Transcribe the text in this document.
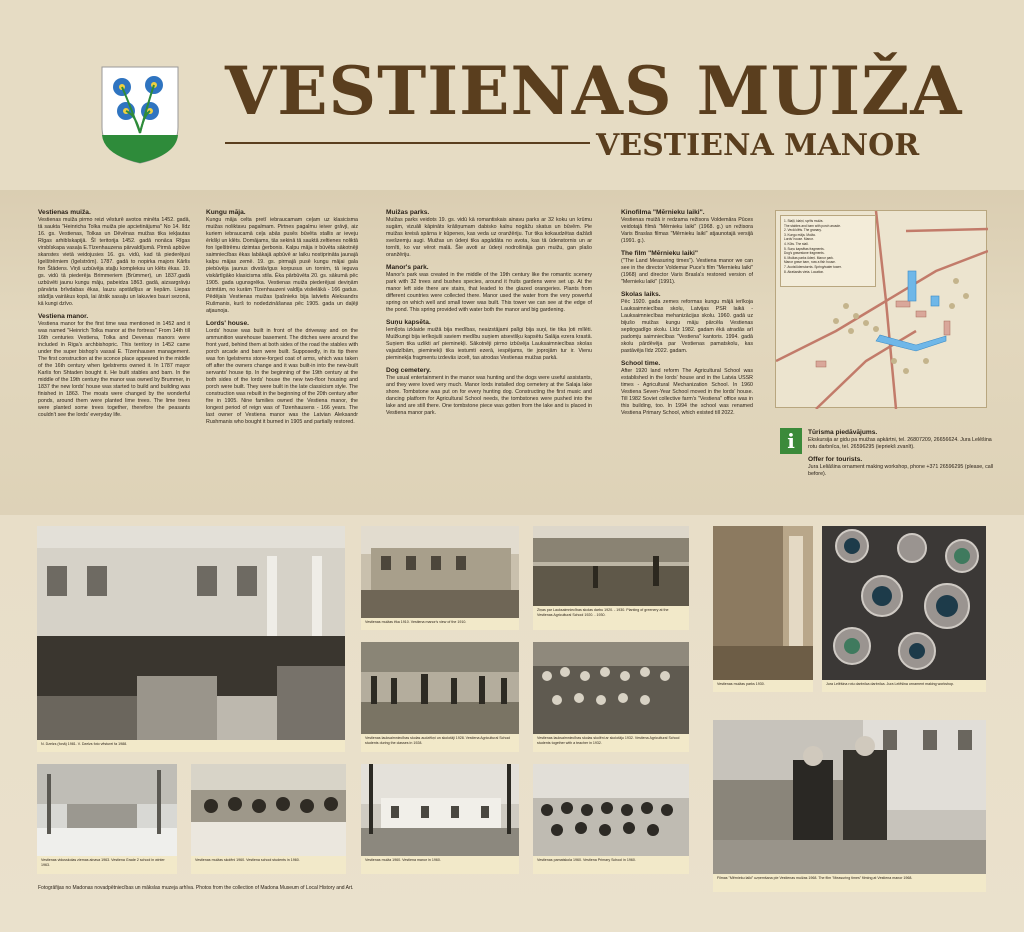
VESTIENAS MUIŽA
VESTIENA MANOR
Vestienas muiža.

Vestienas muiža pirmo reizi vēsturē avotos minēta 1452. gadā, tā saukta "Heinricha Tolka muiža pie apcietinājuma" No 14. līdz 16. gs. Vestienas, Tolkas un Dēvēnas muižas tika iekļautas Rīgas arhibīskapijā. Šī teritorija 1452. gadā nonāca Rīgas virsbīskapa vasaļa E.Tīzenhauzena pārvaldījumā. Pirmā apbūve skanstes vietā veidojusies 16. gs. vidū, kad tā piederējusi Igelštrēmiem (Igelström). 1787. gadā to nopirka majors Kārlis fon Štādens. Viņš uzbūvēja staļļu kompleksu un klēts ēkas. 19. gs. vidū tā piederēja Brimmeriem (Brümmer), un 1837.gadā uzbūvēti jaunu kungu māju, pabeidza 1863. gadā, aizsargrāvju pārvārta brīvdabas ēkas, lauzu apstādījus ar liepām. Liepas stādīja vairākus kopā, lai ātrāk sasaiju un lakuvies bauri sezonā, kā kungi dzīvo.

Vestiena manor.

Vestiena manor for the first time was mentioned in 1452 and it was named "Heinrich Tolka manor at the fortress" From 14th till 16th centuries Vestiena, Tolka and Devenas manors were included in Riga's archbishopric. This territory in 1452 came under the super bishop's vassal E. Tīzenhausen management. The first construction at the sconce place appeared in the middle of the 16th century when Igelstrems owned it. In 1787 mayor Karlis fon Shtaden bought it. He built stables and barn. In the middle of the 19th century the manor was owned by Brummer, in 1837 the new lords' house was started to build and building was finished in 1863. The moats were changed by the wonderful ponds, around them were planted lime trees. The lime trees were planted some trees together, therefore the peasants couldn't see the lords' everyday life.

Kungu māja.

Kungu māja celta pretī iebraucamam ceļam uz klasicisma muižas noliktavu pagalmam. Pirtnes pagalmu ieiver grāvji, aiz kuriem iebraucamā ceļa abās pusēs būvēta stallis ar ieveju ērkšķi un klēts. Domājams, tās sekinā tā sauktā zeltienes noliktā fon Igelštrēmu dzimtas ģerbonis. Kalpu māja ir būvēta sākotnēji saimniecības ēkas labākajā apbūvē ar laiku nostiprināta jaunajā kalpu mājas zemē. 19. gs. pirmajā pusē kungu mājai gala piebūvēja jaunus divstāvīgus korpusus un tornim, tā ieguva viskārtīgāko klasicisma stila. Ēka pārbūvēta 20. gs. sākumā pēc 1905. gada ugunsgrēka. Vestienas muiža piederējusi deviņām dzimtām, no kurām Tīzenhauzeni valdīja vislielākā - 166 gadus. Pēdējais Vestienas muižas īpašnieks bija latvietis Aleksandrs Rušmanis, kurš to nodedzināšanas pēc 1905. gada un daļēji atjaunoja.

Lords' house.

Lords' house was built in front of the driveway and on the ammunition warehouse basement. The ditches were around the front yard, behind them at both sides of the road the stables with porch arcade and barn were built. Supposedly, in its tip there was fon Igelstrems stone-forged coat of arms, which was taken off after the owners change and it was built-in into the new-built servants' house tip. In the beginning of the 19th century at the both sides of the lords' house the new two-floor housing and porch were built. They were built in the late classicism style. The construction was rebuilt in the beginning of the 20th century after fire in 1905. Nine families owned the Vestiena manor, the longest period of reign was of Tizenhausens - 166 years. The last owner of Vestiena manor was the Latvian Aleksandr Rushmanis who bought it burned in 1905 and partially restored.

Muižas parks.

Muižas parks veidots 19. gs. vidū kā romantiskais ainavu parks ar 32 koku un krūmu sugām, vizuāli kāpināts krāšņumam dabisko kalnu nogāžu skatus un būvēm. Pie muižas kreisā spārna ir kūpenes, kas veda uz oranžēriju. Tur tika kokaudzētas dažādi svešzemju augi. Muižas un ūdeņi tika apgādāta no avota, kas tā ūdenstornis un ar tornīti, ko var vērot malā. Šie avoti ar ūdeņi nodrošināja gan muižu, gan plašo oranžēriju.

Manor's park.

Manor's park was created in the middle of the 19th century like the romantic scenery park with 32 trees and bushes species, around it fruits gardens were set up. At the manor left side there are stairs, that leaded to the glazed orangeries. Plants from different countries were collected there. Manor used the water from the very powerful spring on which well and small tower was built. This tower we can see at the edge of the pond. This spring provided with water both the manor and big gardening.

Suņu kapsēta.

Iemīļota izklaide muižā bija medības, neaizstājami palīgi bija suņi, tie tika ļoti mīlēti. Muižkungi bija ierīkojuši saviem medību suņiem atsevišķu kapsētu Salāja ezera krastā. Suņiem tika uzlikti arī pieminekļi. Sākotnēji pirmo izbūvēja Lauksaimniecības skolas vajadzībām, pieminekļi tika iestumti ezerā, iespējams, tie joprojām tur ir. Vienu pieminekļa fragmentu izdevās izcelt, tas atrodas Vestienas muižas parkā.

Dog cemetery.

The usual entertainment in the manor was hunting and the dogs were useful assistants, and they were loved very much. Manor lords installed dog cemetery at the Salaja lake shore. Tombstone was put on for every hunting dog. Constructing the first music and dancing platform for Agricultural School needs, the tombstones were pushed into the lake and are still there. One tombstone piece was gotten from the lake and is placed in Vestiena manor park.

Kinofilma "Mērnieku laiki".

Vestienas muižā ir redzama režisora Voldemāra Pūces veidotajā filmā "Mērnieku laiki" (1968. g.) un režisora Varis Braslas filmas "Mērnieku laiki" atjaunotajā versijā (1991. g.).

The film "Mērnieku laiki"

("The Land Measuring times"). Vestiena manor we can see in the director Voldemar Puce's film "Mernieku laiki" (1968) and director Varis Brasla's restored version of "Mernieku laiki" (1991).

Skolas laiks.

Pēc 1920. gada zemes reformas kungu mājā ierīkoja Lauksaimniecības skolu, Latvijas PSR laikā - Lauksaimniecības mehanizācijas skolu. 1960. gadā uz bijušo muižas kungu māju pārcēla Vestienas septiņgadīgo skolu. Līdz 1982. gadam ēkā atradās arī padomju saimniecības "Vestiena" kantoris. 1994. gadā skolu pārdēvēja par Vestienas pamatskolu, kas pastāvēja līdz 2022. gadam.

School time.

After 1920 land reform The Agricultural School was established in the lords' house and in the Latvia USSR times - Agricultural Mechanization School. In 1960 Vestiena Seven-Year School moved in the lords' house. Till 1982 Soviet collective farm's "Vestiena" office was in this building, too. In 1994 the school was renamed Vestiena Primary School, which existed till 2022.

1. Staļļi, klaiņi, sprīts muiža.
The stables and barn with porch arcade.
2. Vecā klēts. The granary.
3. Kungu māja. Muiža.
Lords' house. Manor.
4. Kūts. The stall.
5. Suņu kapsētas fragments.
Dog's gravestone fragments.
6. Muižas parks ūdeņi. Manor park.
Manor grave barn, now a fish house.
7. Avots/ūdenstornis. Spring/water tower.
8. Atrašanās vieta. Location.
i	Tūrisma piedāvājums.

Ekskursija ar gidu pa muižas apkārtni, tel. 26807209, 26656624. Jura Lelēšina rotu darbnīca, tel. 26596295 (iepriekš zvanīt).

Offer for tourists.

Jura Leliāšina ornament making workshop, phone +371 26596295 (please, call before).

N. Dzelzs (fonā) 1981. V. Dzelzs foto vēsturei fa 1988.
Vestienas muižas ēka 1910. Vestiena manor's view of the 1910.
Ziņas par Lauksaimniecības skolas darbu 1920. - 1930. Planting of greenery at the Vestienas Agricultural School 1920. - 1930.
Vestienas muižas parks 1930.	Jura Lelēšina rotu darbnīca darbnīca. Jura Lelēšina ornament making workshop.
Vestienas lauksaimniecības skolas audzēkņi un skolotāji 1928. Vestiena Agricultural School students during the classes in 1928.
Vestienas lauksaimniecības skolas skolēni ar skolotāju 1932. Vestiena Agricultural School students together with a teacher in 1932.
Vestienas vidusskolas ziemas ainava 1963. Vestiena Grade 2 school in winter 1963.
Vestienas muižas skolēni 1960. Vestiena school students in 1960.	Vestienas muiža 1960. Vestiena manor in 1960.	Vestienas pamatskola 1960. Vestiena Primary School in 1960.
Filmas "Mērnieku laiki" uzņemšana pie Vestienas muižas 1968. The film "Measuring times" filming at Vestiena manor 1968.
Fotogrāfijas no Madonas novadpētniecības un mākslas muzeja arhīva. Photos from the collection of Madona Museum of Local History and Art.
